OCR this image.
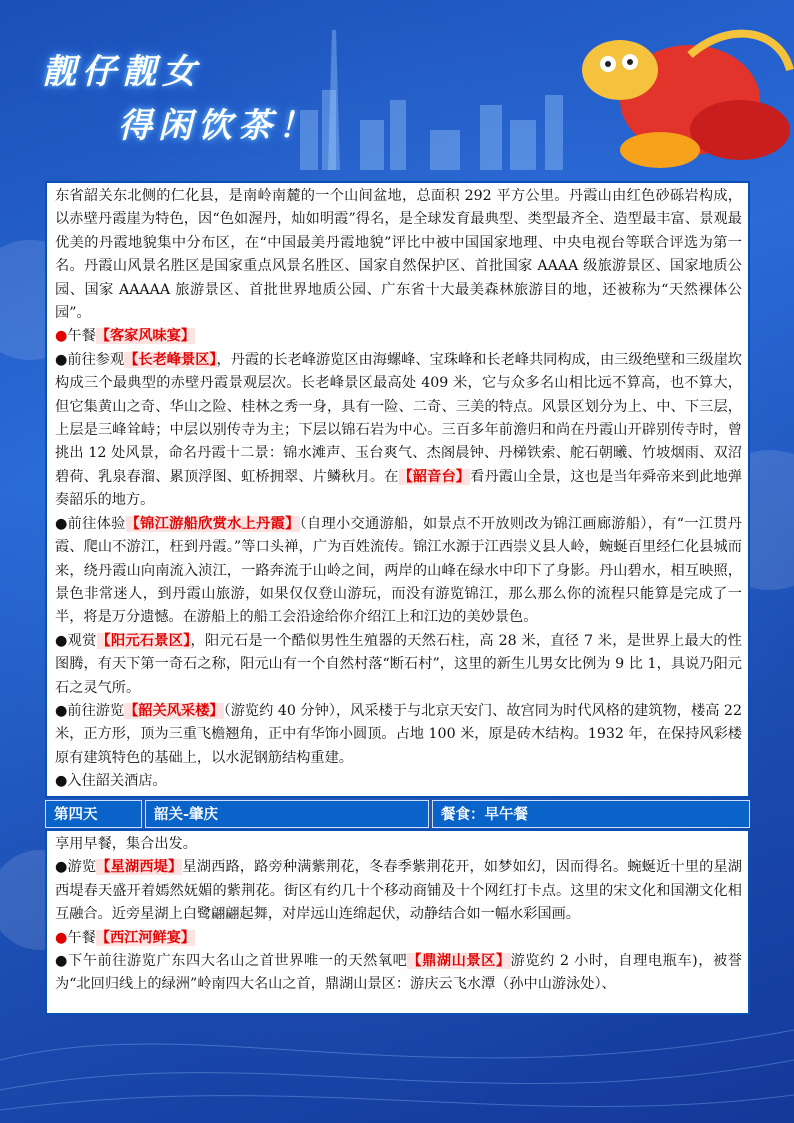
靓仔靓女
得闲饮茶！

东省韶关东北侧的仁化县，是南岭南麓的一个山间盆地，总面积 292 平方公里。丹霞山由红色砂砾岩构成，以赤壁丹霞崖为特色，因“色如渥丹，灿如明霞”得名，是全球发育最典型、类型最齐全、造型最丰富、景观最优美的丹霞地貌集中分布区，在“中国最美丹霞地貌”评比中被中国国家地理、中央电视台等联合评选为第一名。丹霞山风景名胜区是国家重点风景名胜区、国家自然保护区、首批国家 AAAA 级旅游景区、国家地质公园、国家 AAAAA 旅游景区、首批世界地质公园、广东省十大最美森林旅游目的地，还被称为“天然裸体公园”。

●午餐【客家风味宴】

●前往参观【长老峰景区】，丹霞的长老峰游览区由海螺峰、宝珠峰和长老峰共同构成，由三级绝壁和三级崖坎构成三个最典型的赤壁丹霞景观层次。长老峰景区最高处 409 米，它与众多名山相比远不算高，也不算大，但它集黄山之奇、华山之险、桂林之秀一身，具有一险、二奇、三美的特点。风景区划分为上、中、下三层，上层是三峰耸峙；中层以别传寺为主；下层以锦石岩为中心。三百多年前澹归和尚在丹霞山开辟别传寺时，曾挑出 12 处风景，命名丹霞十二景：锦水滩声、玉台爽气、杰阁晨钟、丹梯铁索、舵石朝曦、竹坡烟雨、双沼碧荷、乳泉春溜、累顶浮图、虹桥拥翠、片鳞秋月。在【韶音台】看丹霞山全景，这也是当年舜帝来到此地弹奏韶乐的地方。

●前往体验【锦江游船欣赏水上丹霞】（自理小交通游船，如景点不开放则改为锦江画廊游船），有“一江贯丹霞、爬山不游江，枉到丹霞。”等口头禅，广为百姓流传。锦江水源于江西崇义县人岭，蜿蜒百里经仁化县城而来，绕丹霞山向南流入浈江，一路奔流于山岭之间，两岸的山峰在绿水中印下了身影。丹山碧水，相互映照，景色非常迷人，到丹霞山旅游，如果仅仅登山游玩，而没有游览锦江，那么那么你的流程只能算是完成了一半，将是万分遗憾。在游船上的船工会沿途给你介绍江上和江边的美妙景色。

●观赏【阳元石景区】，阳元石是一个酷似男性生殖器的天然石柱，高 28 米，直径 7 米，是世界上最大的性图腾，有天下第一奇石之称，阳元山有一个自然村落“断石村”，这里的新生儿男女比例为 9 比 1，具说乃阳元石之灵气所。

●前往游览【韶关风采楼】（游览约 40 分钟），风采楼于与北京天安门、故宫同为时代风格的建筑物，楼高 22 米，正方形，顶为三重飞檐翘角，正中有华饰小圆顶。占地 100 米，原是砖木结构。1932 年，在保持风彩楼原有建筑特色的基础上，以水泥钢筋结构重建。

●入住韶关酒店。

第四天	韶关-肇庆	餐食：早午餐

享用早餐，集合出发。

●游览【星湖西堤】星湖西路，路旁种满紫荆花，冬春季紫荆花开，如梦如幻，因而得名。蜿蜒近十里的星湖西堤春天盛开着嫣然妩媚的紫荆花。街区有约几十个移动商铺及十个网红打卡点。这里的宋文化和国潮文化相互融合。近旁星湖上白鹭翩翩起舞，对岸远山连绵起伏，动静结合如一幅水彩国画。

●午餐【西江河鲜宴】

●下午前往游览广东四大名山之首世界唯一的天然氧吧【鼎湖山景区】游览约 2 小时，自理电瓶车)，被誉为“北回归线上的绿洲”岭南四大名山之首，鼎湖山景区：游庆云飞水潭（孙中山游泳处）、
